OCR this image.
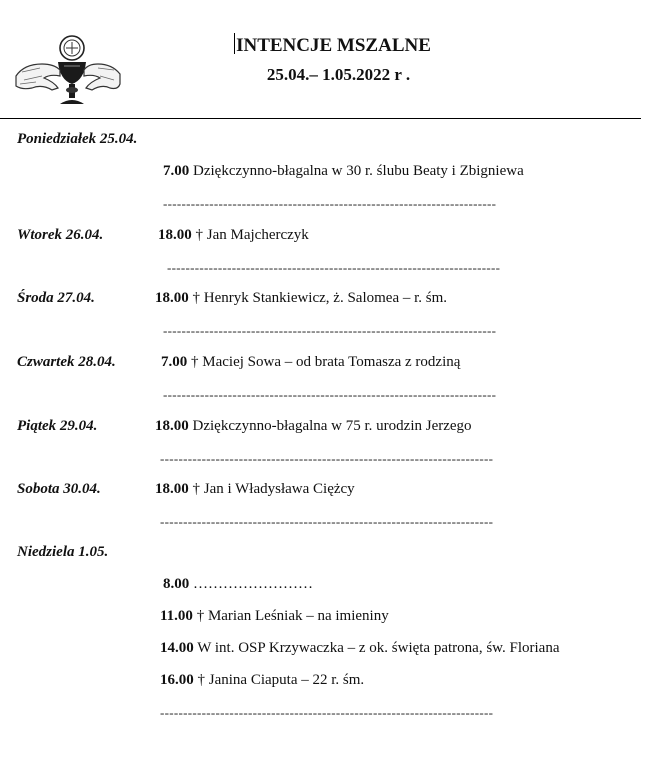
INTENCJE MSZALNE
25.04.– 1.05.2022 r .
Poniedziałek 25.04.
7.00 Dziękczynno-błagalna w 30 r. ślubu Beaty i Zbigniewa
------------------------------------------------------------------------
Wtorek 26.04.	18.00 † Jan Majcherczyk
------------------------------------------------------------------------
Środa 27.04.	18.00 † Henryk Stankiewicz, ż. Salomea – r. śm.
------------------------------------------------------------------------
Czwartek 28.04.	7.00 † Maciej Sowa – od brata Tomasza z rodziną
------------------------------------------------------------------------
Piątek 29.04.	18.00 Dziękczynno-błagalna w 75 r. urodzin Jerzego
------------------------------------------------------------------------
Sobota 30.04.	18.00 † Jan i Władysława Ciężcy
------------------------------------------------------------------------
Niedziela 1.05.
8.00 ……………………
11.00 † Marian Leśniak – na imieniny
14.00 W int. OSP Krzywaczka – z ok. święta patrona, św. Floriana
16.00 † Janina Ciaputa – 22 r. śm.
------------------------------------------------------------------------
